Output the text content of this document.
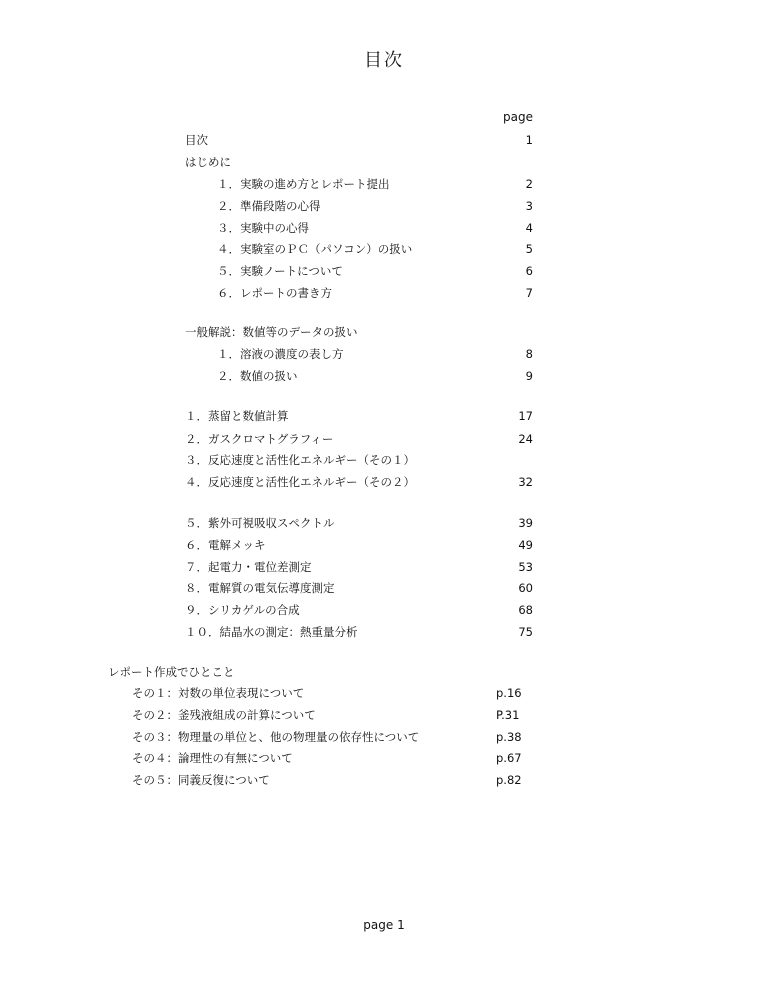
目次
page
目次	1
はじめに
１．実験の進め方とレポート提出	2
２．準備段階の心得	3
３．実験中の心得	4
４．実験室のＰＣ（パソコン）の扱い	5
５．実験ノートについて	6
６．レポートの書き方	7
一般解説：数値等のデータの扱い
１．溶液の濃度の表し方	8
２．数値の扱い	9
１．蒸留と数値計算	17
２．ガスクロマトグラフィー	24
３．反応速度と活性化エネルギー（その１）
４．反応速度と活性化エネルギー（その２）	32
５．紫外可視吸収スペクトル	39
６．電解メッキ	49
７．起電力・電位差測定	53
８．電解質の電気伝導度測定	60
９．シリカゲルの合成	68
１０．結晶水の測定：熱重量分析	75
レポート作成でひとこと
その１：対数の単位表現について	p.16
その２：釜残液組成の計算について	P.31
その３：物理量の単位と、他の物理量の依存性について	p.38
その４：論理性の有無について	p.67
その５：同義反復について	p.82
page 1
